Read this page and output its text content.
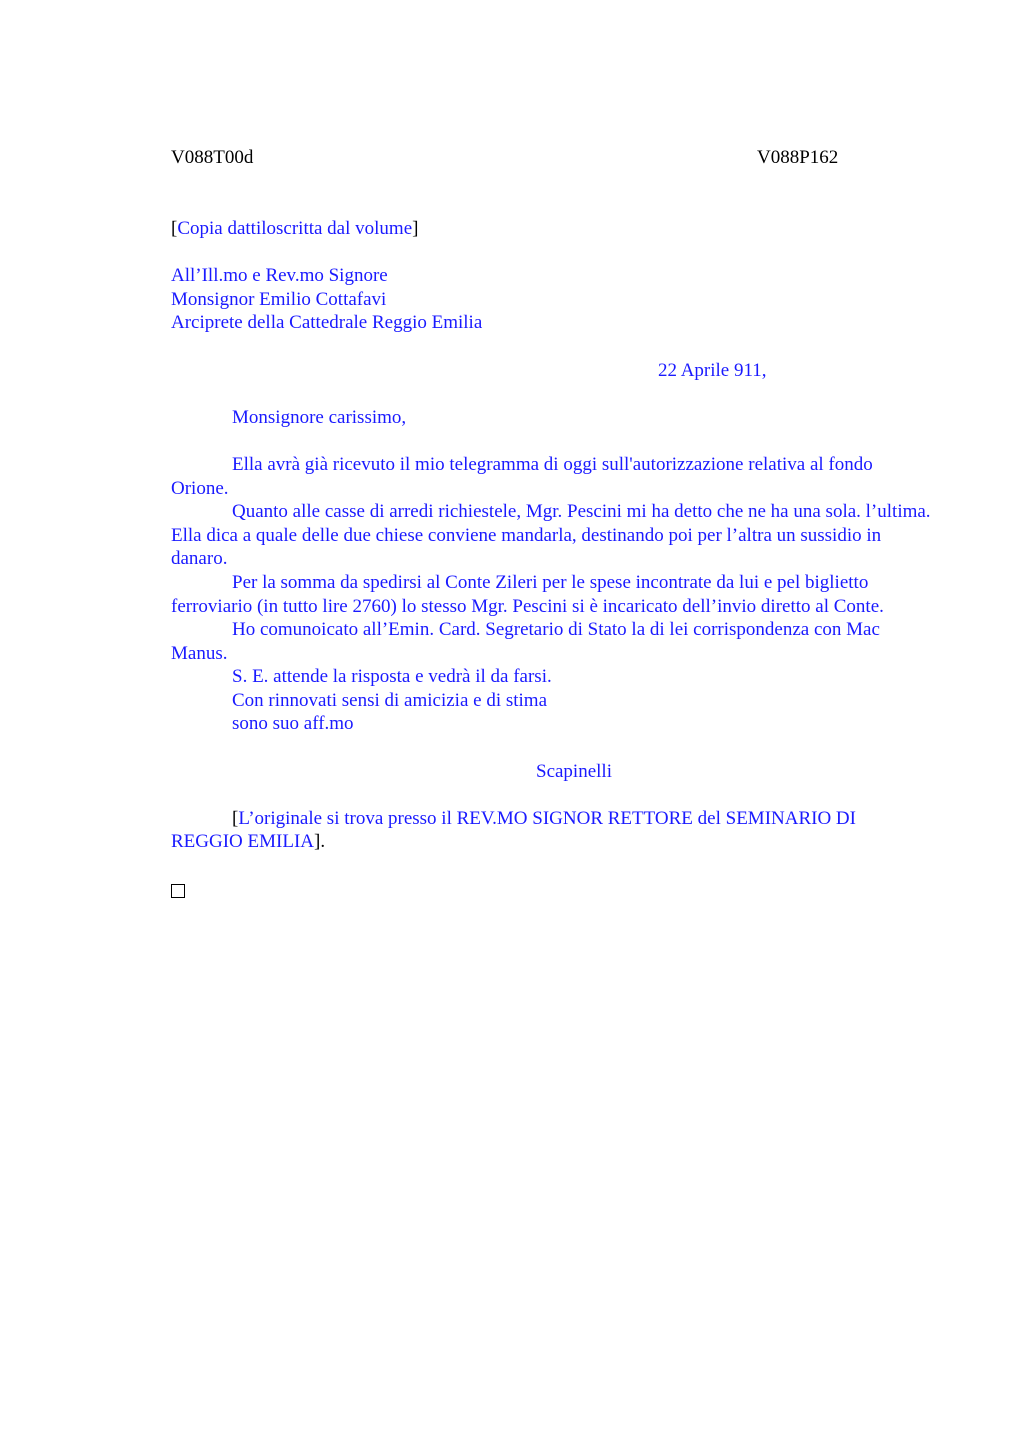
V088T00d	V088P162
[Copia dattiloscritta dal volume]
All’Ill.mo e Rev.mo Signore
Monsignor Emilio Cottafavi
Arciprete della Cattedrale Reggio Emilia
22 Aprile 911,
Monsignore carissimo,
Ella avrà già ricevuto il mio telegramma di oggi sull'autorizzazione relativa al fondo Orione.
Quanto alle casse di arredi richiestele, Mgr. Pescini mi ha detto che ne ha una sola. l’ultima. Ella dica a quale delle due chiese conviene mandarla, destinando poi per l’altra un sussidio in danaro.
Per la somma da spedirsi al Conte Zileri per le spese incontrate da lui e pel biglietto ferroviario (in tutto lire 2760) lo stesso Mgr. Pescini si è incaricato dell’invio diretto al Conte.
Ho comunoicato all’Emin. Card. Segretario di Stato la di lei corrispondenza con Mac Manus.
S. E. attende la risposta e vedrà il da farsi.
Con rinnovati sensi di amicizia e di stima
sono suo aff.mo
Scapinelli
[L’originale si trova presso il REV.MO SIGNOR RETTORE del SEMINARIO DI REGGIO EMILIA].
